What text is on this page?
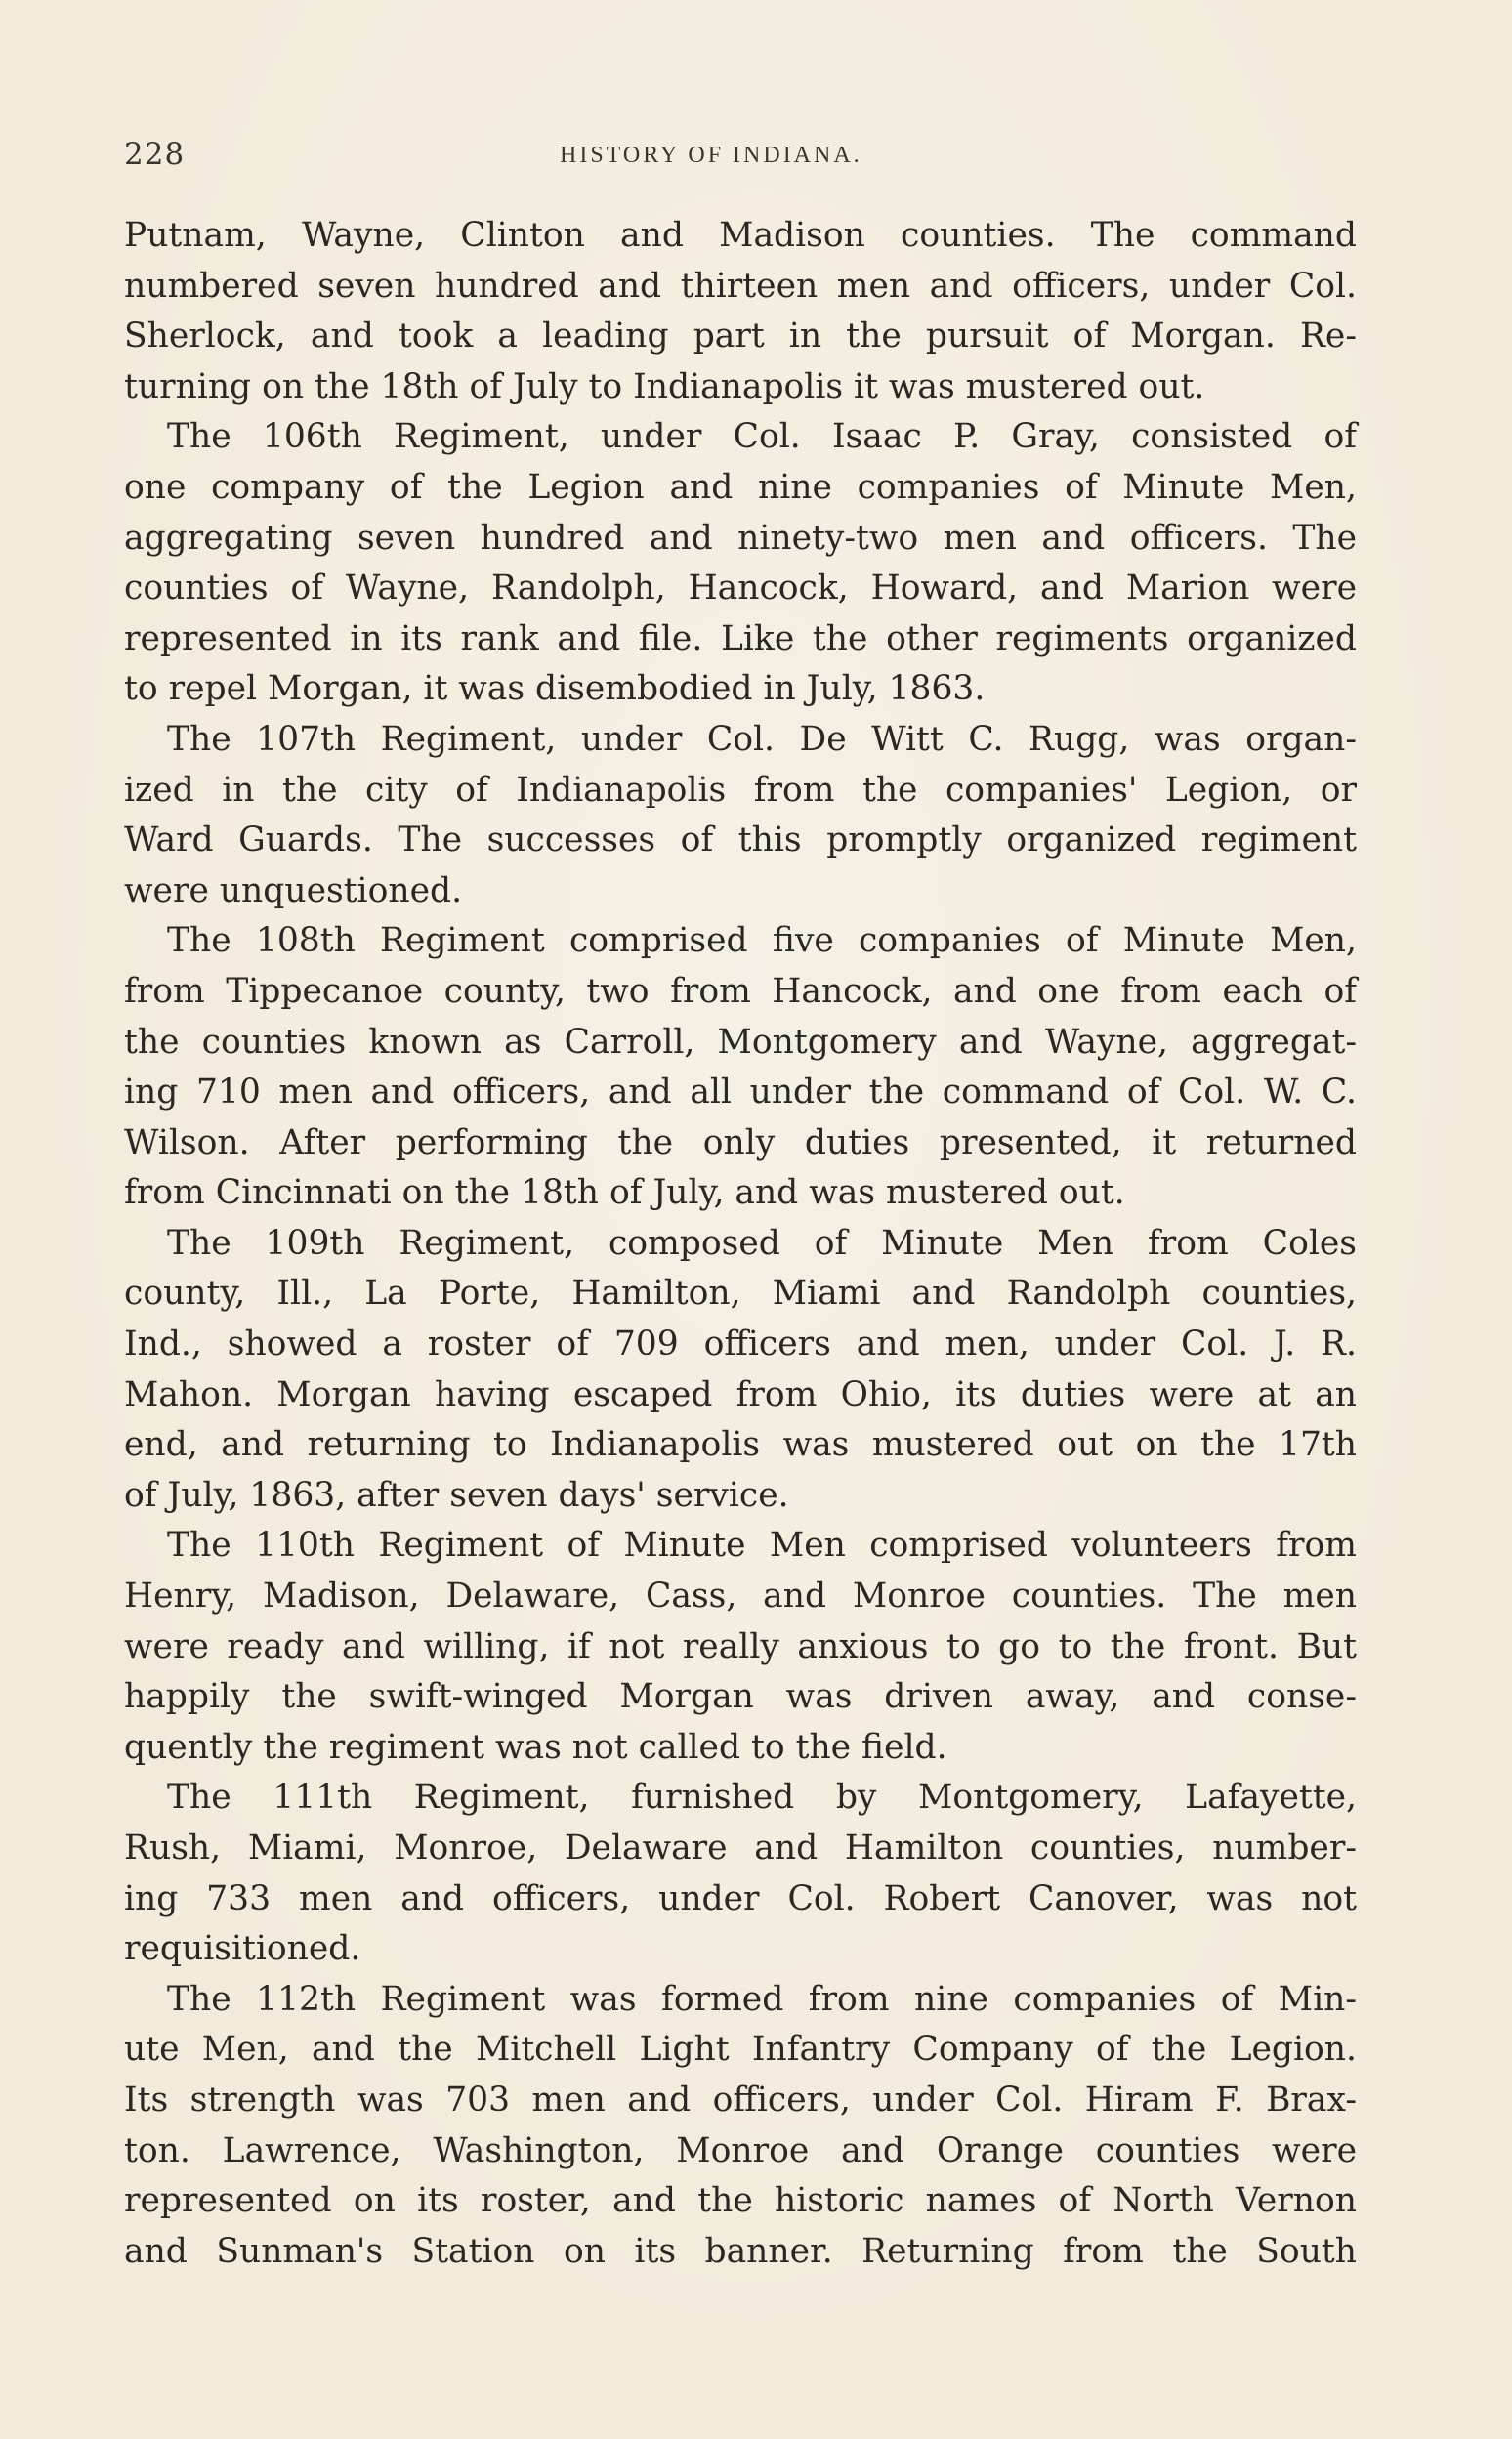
228	HISTORY OF INDIANA.
Putnam, Wayne, Clinton and Madison counties. The command
numbered seven hundred and thirteen men and officers, under Col.
Sherlock, and took a leading part in the pursuit of Morgan. Re-
turning on the 18th of July to Indianapolis it was mustered out.
The 106th Regiment, under Col. Isaac P. Gray, consisted of
one company of the Legion and nine companies of Minute Men,
aggregating seven hundred and ninety-two men and officers. The
counties of Wayne, Randolph, Hancock, Howard, and Marion were
represented in its rank and file. Like the other regiments organized
to repel Morgan, it was disembodied in July, 1863.
The 107th Regiment, under Col. De Witt C. Rugg, was organ-
ized in the city of Indianapolis from the companies' Legion, or
Ward Guards. The successes of this promptly organized regiment
were unquestioned.
The 108th Regiment comprised five companies of Minute Men,
from Tippecanoe county, two from Hancock, and one from each of
the counties known as Carroll, Montgomery and Wayne, aggregat-
ing 710 men and officers, and all under the command of Col. W. C.
Wilson. After performing the only duties presented, it returned
from Cincinnati on the 18th of July, and was mustered out.
The 109th Regiment, composed of Minute Men from Coles
county, Ill., La Porte, Hamilton, Miami and Randolph counties,
Ind., showed a roster of 709 officers and men, under Col. J. R.
Mahon. Morgan having escaped from Ohio, its duties were at an
end, and returning to Indianapolis was mustered out on the 17th
of July, 1863, after seven days' service.
The 110th Regiment of Minute Men comprised volunteers from
Henry, Madison, Delaware, Cass, and Monroe counties. The men
were ready and willing, if not really anxious to go to the front. But
happily the swift-winged Morgan was driven away, and conse-
quently the regiment was not called to the field.
The 111th Regiment, furnished by Montgomery, Lafayette,
Rush, Miami, Monroe, Delaware and Hamilton counties, number-
ing 733 men and officers, under Col. Robert Canover, was not
requisitioned.
The 112th Regiment was formed from nine companies of Min-
ute Men, and the Mitchell Light Infantry Company of the Legion.
Its strength was 703 men and officers, under Col. Hiram F. Brax-
ton. Lawrence, Washington, Monroe and Orange counties were
represented on its roster, and the historic names of North Vernon
and Sunman's Station on its banner. Returning from the South
